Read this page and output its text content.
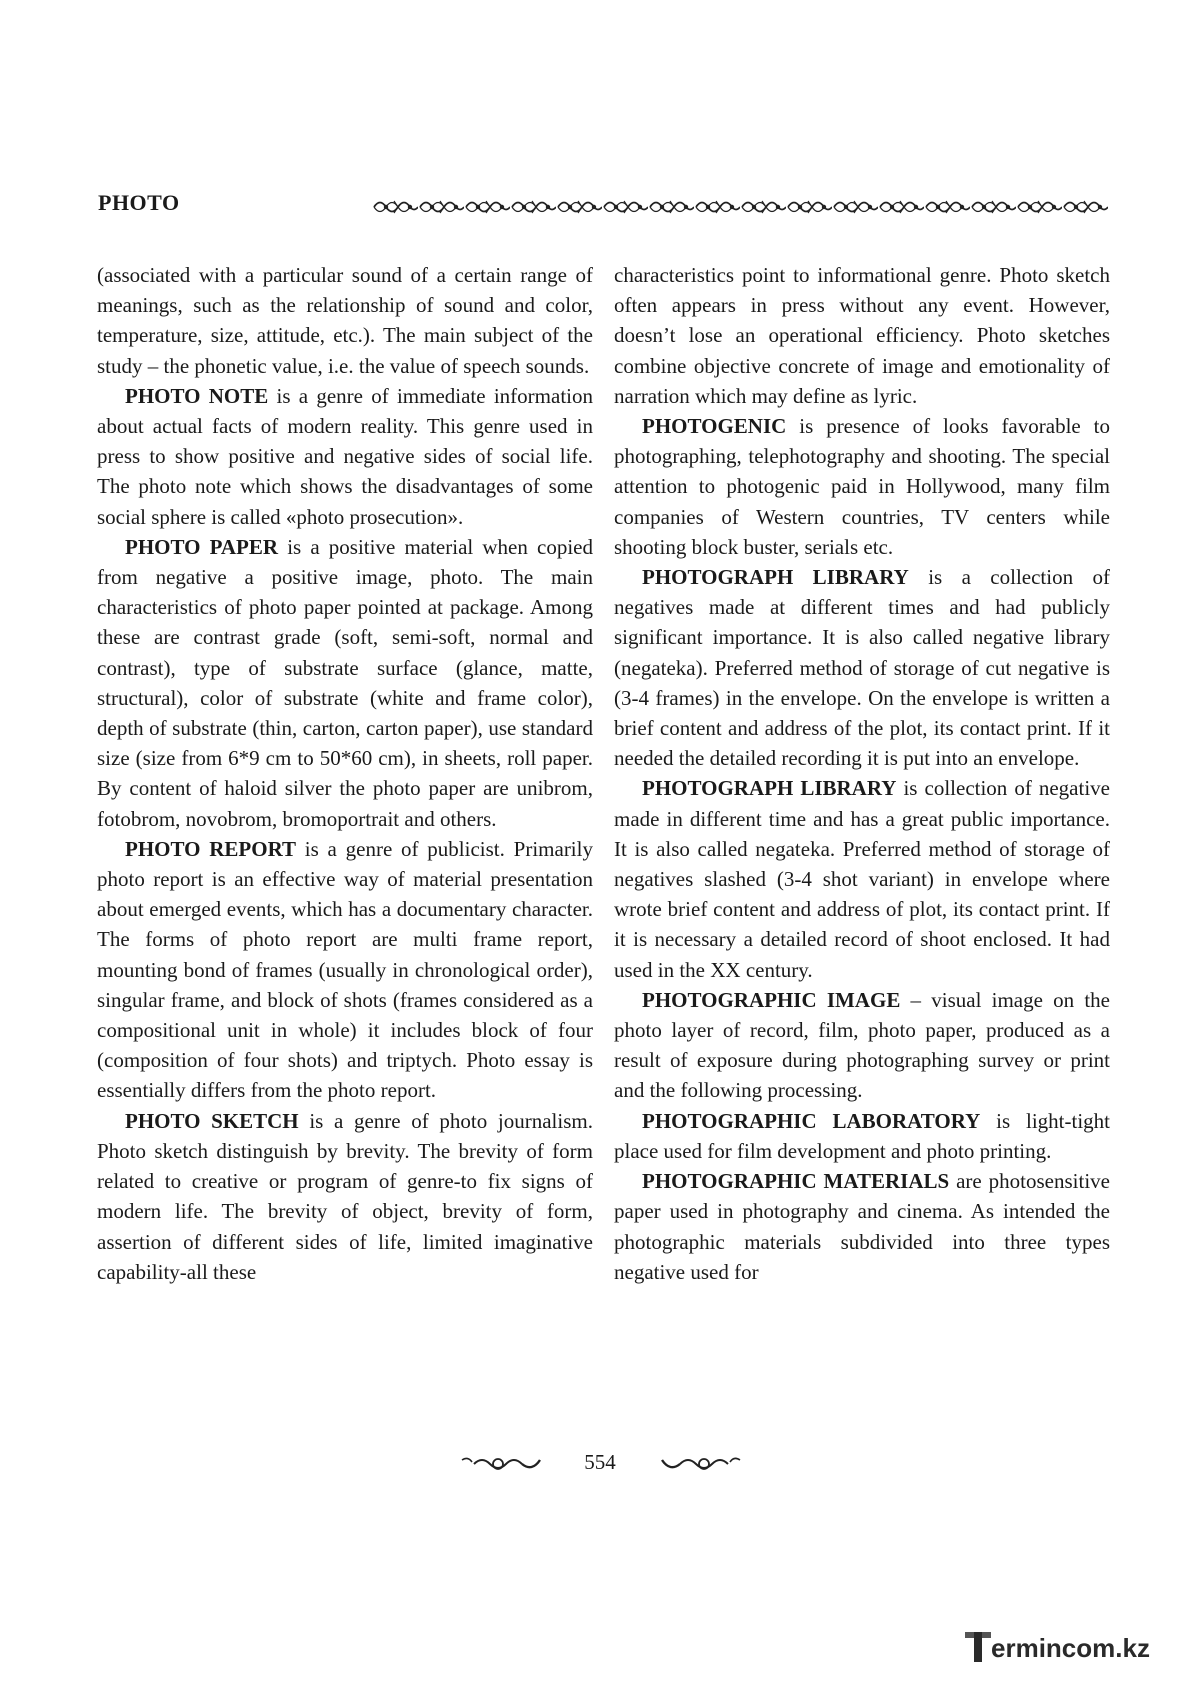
PHOTO

(associated with a particular sound of a certain range of meanings, such as the relationship of sound and color, temperature, size, attitude, etc.). The main subject of the study – the phonetic value, i.e. the value of speech sounds.

PHOTO NOTE is a genre of immediate information about actual facts of modern reality. This genre used in press to show positive and negative sides of social life. The photo note which shows the disadvantages of some social sphere is called «photo prosecution».

PHOTO PAPER is a positive material when copied from negative a positive image, photo. The main characteristics of photo paper pointed at package. Among these are contrast grade (soft, semi-soft, normal and contrast), type of substrate surface (glance, matte, structural), color of substrate (white and frame color), depth of substrate (thin, carton, carton paper), use standard size (size from 6*9 cm to 50*60 cm), in sheets, roll paper. By content of haloid silver the photo paper are unibrom, fotobrom, novobrom, bromoportrait and others.

PHOTO REPORT is a genre of publicist. Primarily photo report is an effective way of material presentation about emerged events, which has a documentary character. The forms of photo report are multi frame report, mounting bond of frames (usually in chronological order), singular frame, and block of shots (frames considered as a compositional unit in whole) it includes block of four (composition of four shots) and triptych. Photo essay is essentially differs from the photo report.

PHOTO SKETCH is a genre of photo journalism. Photo sketch distinguish by brevity. The brevity of form related to creative or program of genre-to fix signs of modern life. The brevity of object, brevity of form, assertion of different sides of life, limited imaginative capability-all these

characteristics point to informational genre. Photo sketch often appears in press without any event. However, doesn’t lose an operational efficiency. Photo sketches combine objective concrete of image and emotionality of narration which may define as lyric.

PHOTOGENIC is presence of looks favorable to photographing, telephotography and shooting. The special attention to photogenic paid in Hollywood, many film companies of Western countries, TV centers while shooting block buster, serials etc.

PHOTOGRAPH LIBRARY is a collection of negatives made at different times and had publicly significant importance. It is also called negative library (negateka). Preferred method of storage of cut negative is (3-4 frames) in the envelope. On the envelope is written a brief content and address of the plot, its contact print. If it needed the detailed recording it is put into an envelope.

PHOTOGRAPH LIBRARY is collection of negative made in different time and has a great public importance. It is also called negateka. Preferred method of storage of negatives slashed (3-4 shot variant) in envelope where wrote brief content and address of plot, its contact print. If it is necessary a detailed record of shoot enclosed. It had used in the XX century.

PHOTOGRAPHIC IMAGE – visual image on the photo layer of record, film, photo paper, produced as a result of exposure during photographing survey or print and the following processing.

PHOTOGRAPHIC LABORATORY is light-tight place used for film development and photo printing.

PHOTOGRAPHIC MATERIALS are photosensitive paper used in photography and cinema. As intended the photographic materials subdivided into three types negative used for

554
ermincom.kz
